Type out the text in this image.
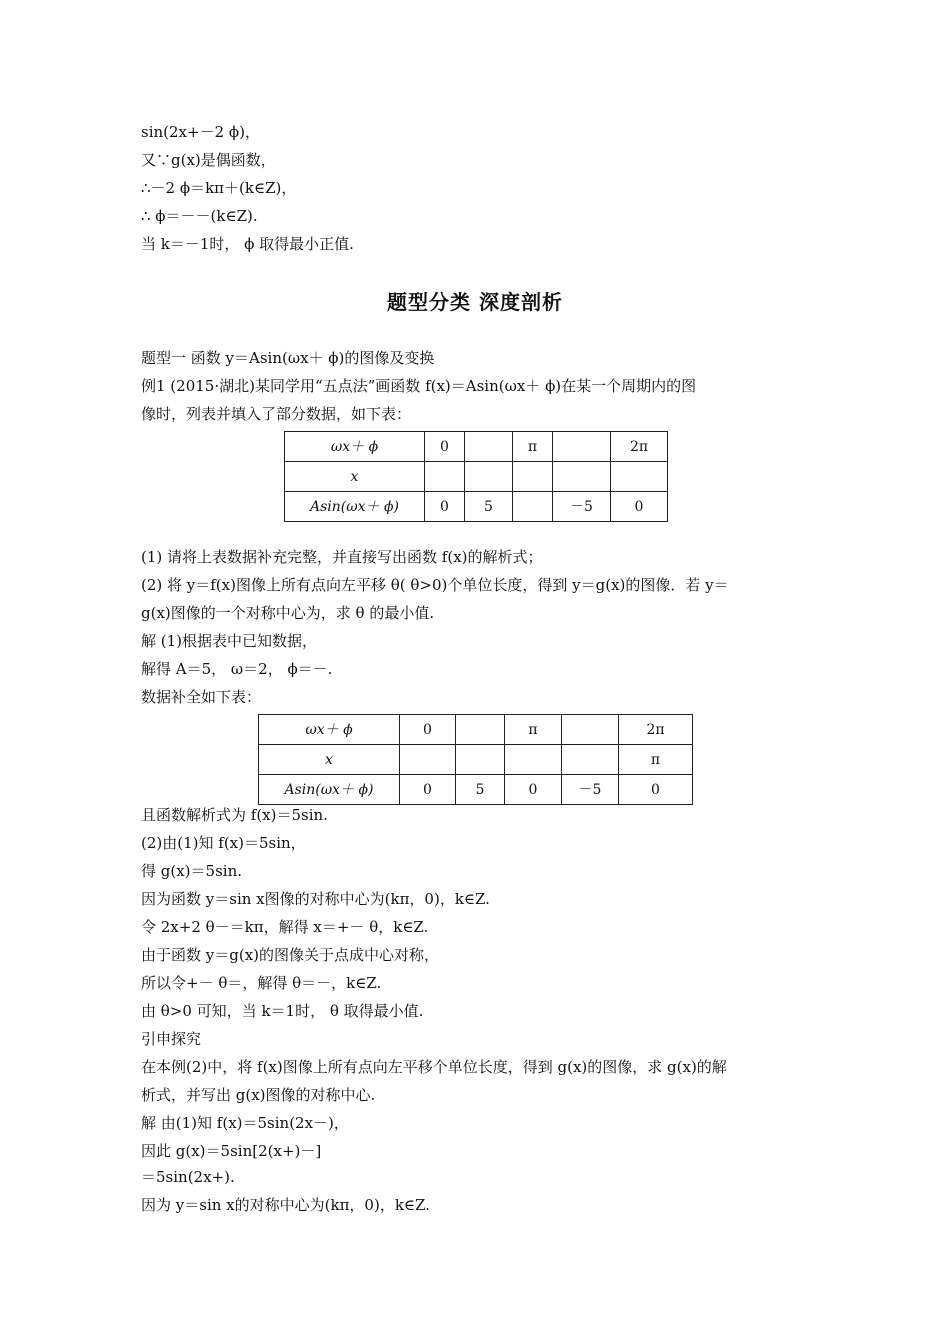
sin(2x+－2 ϕ)，
又∵g(x)是偶函数，
∴－2 ϕ＝kπ＋(k∈Z)，
∴ ϕ＝－－(k∈Z).
当 k＝－1时， ϕ 取得最小正值.
题型分类 深度剖析
题型一 函数 y＝Asin(ωx＋ ϕ)的图像及变换
例1 (2015·湖北)某同学用“五点法”画函数 f(x)＝Asin(ωx＋ ϕ)在某一个周期内的图
像时，列表并填入了部分数据，如下表：
ωx＋ ϕ	0		π		2π
x					
Asin(ωx＋ ϕ)	0	5		－5	0
(1) 请将上表数据补充完整，并直接写出函数 f(x)的解析式；
(2) 将 y＝f(x)图像上所有点向左平移 θ( θ>0)个单位长度，得到 y＝g(x)的图像．若 y＝
g(x)图像的一个对称中心为，求 θ 的最小值.
解 (1)根据表中已知数据，
解得 A＝5， ω＝2， ϕ＝－.
数据补全如下表：
ωx＋ ϕ	0		π		2π
x					π
Asin(ωx＋ ϕ)	0	5	0	－5	0
且函数解析式为 f(x)＝5sin.
(2)由(1)知 f(x)＝5sin，
得 g(x)＝5sin.
因为函数 y＝sin x图像的对称中心为(kπ，0)，k∈Z.
令 2x+2 θ－＝kπ，解得 x＝+－ θ，k∈Z.
由于函数 y＝g(x)的图像关于点成中心对称，
所以令+－ θ＝，解得 θ＝－，k∈Z.
由 θ>0 可知，当 k＝1时， θ 取得最小值.
引申探究
在本例(2)中，将 f(x)图像上所有点向左平移个单位长度，得到 g(x)的图像，求 g(x)的解
析式，并写出 g(x)图像的对称中心.
解 由(1)知 f(x)＝5sin(2x－)，
因此 g(x)＝5sin[2(x+)－]
＝5sin(2x+).
因为 y＝sin x的对称中心为(kπ，0)，k∈Z.
